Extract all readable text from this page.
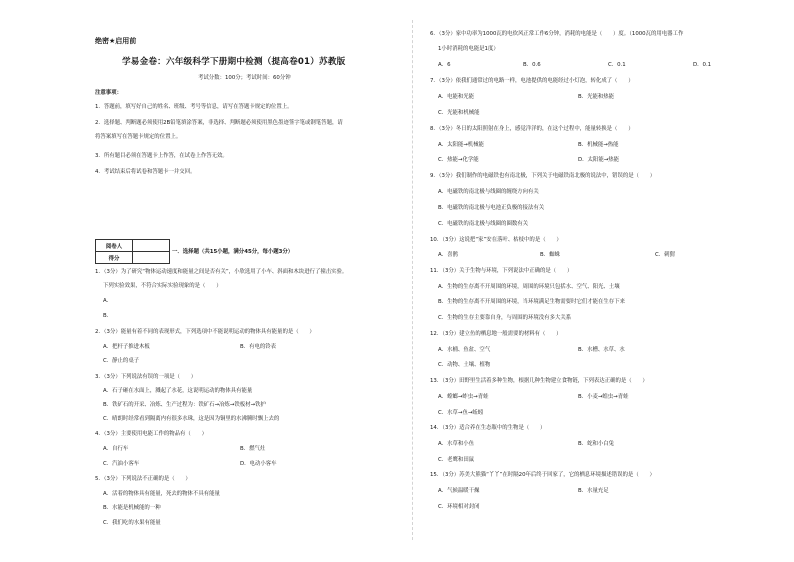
绝密★启用前
学易金卷：六年级科学下册期中检测（提高卷01）苏教版
考试分数：100分；考试时间：60分钟
注意事项：
1．答题前，填写好自己的姓名、班级、考号等信息，请写在答题卡规定的位置上。
2．选择题、判断题必须使用2B铅笔填涂答案，非选择、判断题必须使用黑色墨迹签字笔或钢笔答题，请
将答案填写在答题卡规定的位置上。
3．所有题目必须在答题卡上作答，在试卷上作答无效。
4．考试结束后将试卷和答题卡一并交回。
阅卷人	
得分	
一．选择题（共15小题，满分45分，每小题3分）
1．（3分）为了研究“物体运动速度和能量之间是否有关”，小欣选用了小车、斜面和木块进行了撞击实验。
下列实验效果，不符合实际实验现象的是（　　）
A．
B．
2．（3分）能量有着不同的表现形式，下列选项中不能说明运动的物体具有能量的是（　　）
A．把杆子推进木板	B．有电的铃表
C．静止的桌子
3．（3分）下列说法有误的一项是（　　）
A．石子砸在水面上，溅起了水花，这说明运动的物体具有能量
B．铁矿石的开采、冶炼、生产过程为：铁矿石→冶炼→铁板材→铁护
C．晴朗时经常看到隔离内有很多水珠，这是因为铜里的水沸腾时飘上去的
4．（3分）主要使用电能工作的物品有（　　）
A．自行车	B．燃气灶
C．汽油小客车	D．电动小客车
5．（3分）下列说法不正确的是（　　）
A．活着的物体具有能量，死去的物体不具有能量
B．水能是机械能的一种
C．我们吃的水果有能量
6．（3分）家中功率为1000瓦的电炊风正常工作6分钟，消耗的电能是（　　）度。（1000瓦的用电器工作
1小时消耗的电能是1度）
A．6	B．0.6	C．0.1	D．0.1
7．（3分）依我们通常过的电路一样，电池提供的电能经过小灯泡，转化成了（　　）
A．电能和光能	B．光能和热能
C．光能和机械能
8．（3分）冬日的太阳照射在身上，感觉洋洋的，在这个过程中，能量转换是（　　）
A．太阳能→机械能	B．机械能→热能
C．热能→化学能	D．太阳能→热能
9．（3分）我们制作的电磁铁也有南北极，下列关于电磁铁南北极的说法中，错误的是（　　）
A．电磁铁的南北极与线圈的缠绕方向有关
B．电磁铁的南北极与电池正负极的接法有关
C．电磁铁的南北极与线圈的圈数有关
10．（3分）这说把“家”安在落叶、枯枝中的是（　　）
A．喜鹊	B．蜘蛛	C．刺猬
11．（3分）关于生物与环境，下列说法中正确的是（　　）
A．生物的生存离不开周围的环境，周围的环境只包括水、空气、阳光、土壤
B．生物的生存离不开周围的环境，当环境满足生物需要时它们才能在生存下来
C．生物的生存主要靠自身，与周围的环境没有多大关系
12．（3分）建立鱼的栖息地一般需要的材料有（　　）
A．水桶、鱼盆、空气	B．水槽、水草、水
C．动物、土壤、植物
13．（3分）田野里生活着多种生物，根据几种生物建立食物链，下列表达正确的是（　　）
A．螳螂→蚱虫→青蛙	B．小麦→蝗虫→青蛙
C．水草→鱼→蚯蚓
14．（3分）适合养在生态瓶中的生物是（　　）
A．水草和小鱼	B．蛇和小白兔
C．老鹰和田鼠
15．（3分）苏美大熊猫“丫丫”在时隔20年后终于回家了，它的栖息环境描述错误的是（　　）
A．气候温暖干燥	B．水量充足
C．环境相对封闭
